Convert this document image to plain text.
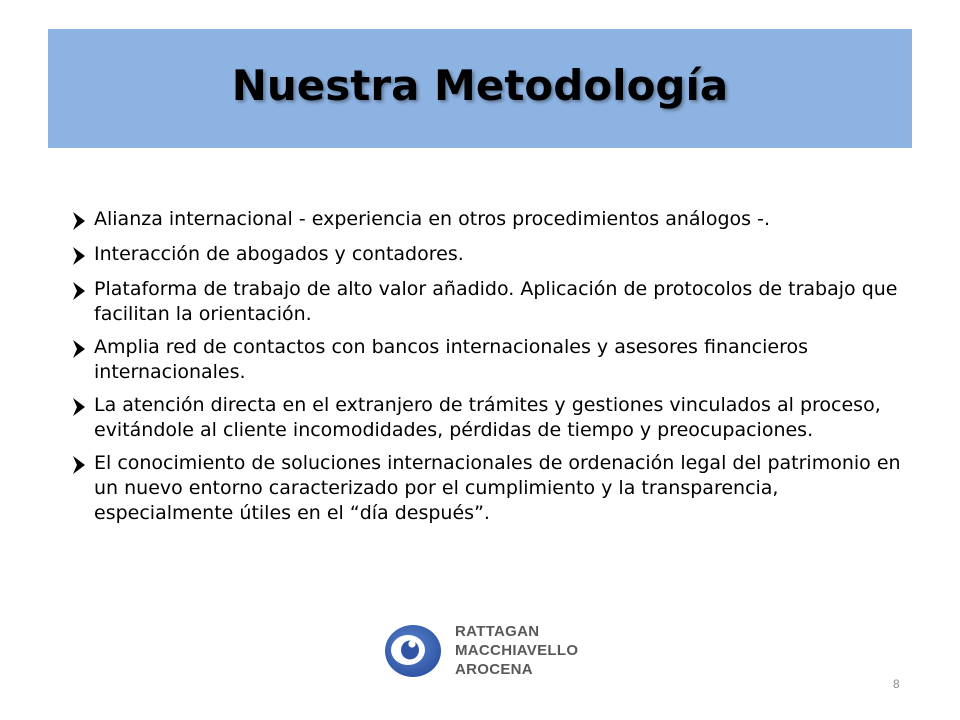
Nuestra Metodología
Alianza internacional - experiencia en otros procedimientos análogos -.
Interacción de abogados y contadores.
Plataforma de trabajo de alto valor añadido. Aplicación de protocolos de trabajo que facilitan la orientación.
Amplia red de contactos con bancos internacionales y asesores financieros internacionales.
La atención directa en el extranjero de trámites y gestiones vinculados al proceso, evitándole al cliente incomodidades, pérdidas de tiempo y preocupaciones.
El conocimiento de soluciones internacionales de ordenación legal del patrimonio en un nuevo entorno caracterizado por el cumplimiento y la transparencia, especialmente útiles en el “día después”.
RATTAGAN
MACCHIAVELLO
AROCENA
8
